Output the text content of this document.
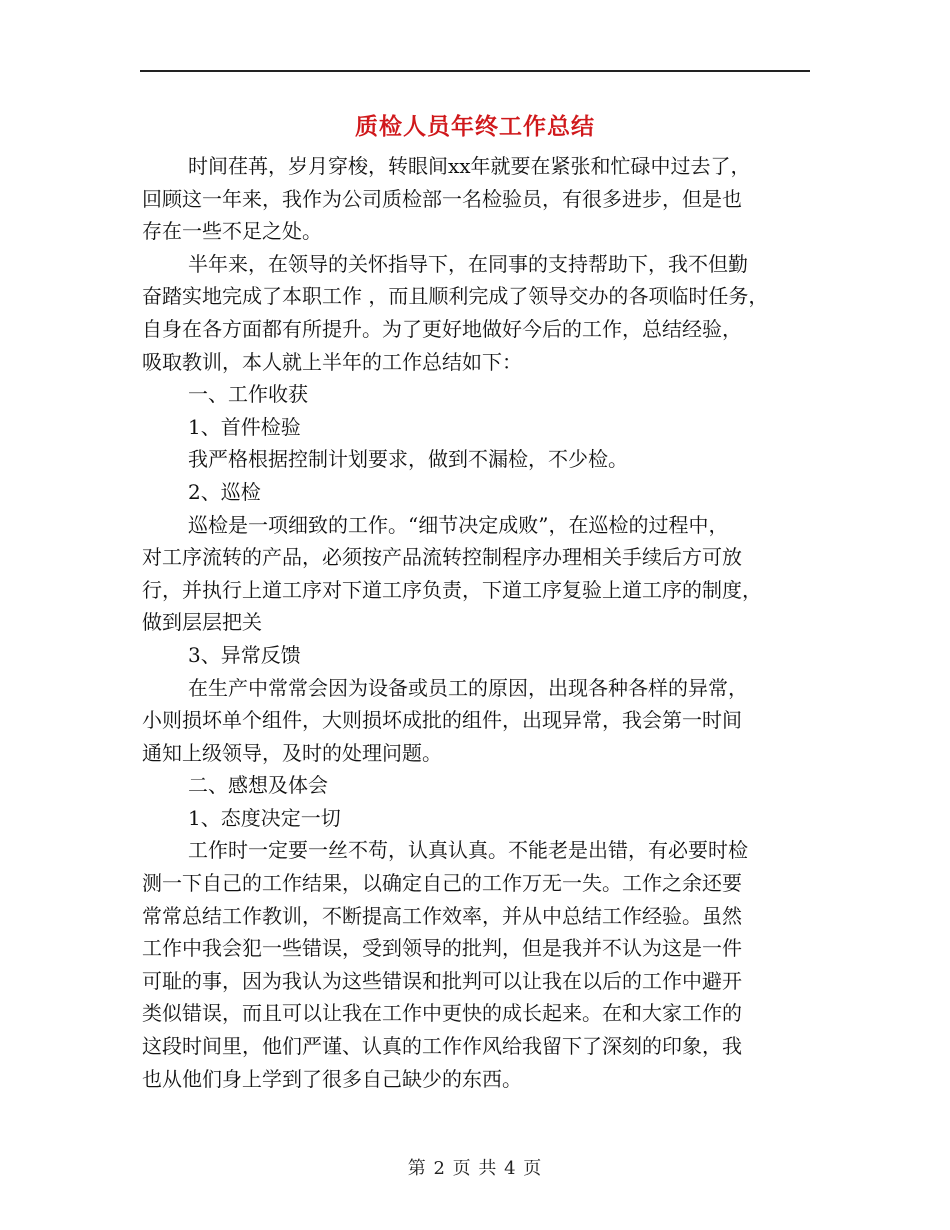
质检人员年终工作总结
时间荏苒，岁月穿梭，转眼间xx年就要在紧张和忙碌中过去了，
回顾这一年来，我作为公司质检部一名检验员，有很多进步，但是也
存在一些不足之处。
半年来，在领导的关怀指导下，在同事的支持帮助下，我不但勤
奋踏实地完成了本职工作 ，而且顺利完成了领导交办的各项临时任务，
自身在各方面都有所提升。为了更好地做好今后的工作，总结经验，
吸取教训，本人就上半年的工作总结如下：
一、工作收获
1、首件检验
我严格根据控制计划要求，做到不漏检，不少检。
2、巡检
巡检是一项细致的工作。“细节决定成败”，在巡检的过程中，
对工序流转的产品，必须按产品流转控制程序办理相关手续后方可放
行，并执行上道工序对下道工序负责，下道工序复验上道工序的制度，
做到层层把关
3、异常反馈
在生产中常常会因为设备或员工的原因，出现各种各样的异常，
小则损坏单个组件，大则损坏成批的组件，出现异常，我会第一时间
通知上级领导，及时的处理问题。
二、感想及体会
1、态度决定一切
工作时一定要一丝不苟，认真认真。不能老是出错，有必要时检
测一下自己的工作结果，以确定自己的工作万无一失。工作之余还要
常常总结工作教训，不断提高工作效率，并从中总结工作经验。虽然
工作中我会犯一些错误，受到领导的批判，但是我并不认为这是一件
可耻的事，因为我认为这些错误和批判可以让我在以后的工作中避开
类似错误，而且可以让我在工作中更快的成长起来。在和大家工作的
这段时间里，他们严谨、认真的工作作风给我留下了深刻的印象，我
也从他们身上学到了很多自己缺少的东西。
第 2 页 共 4 页
